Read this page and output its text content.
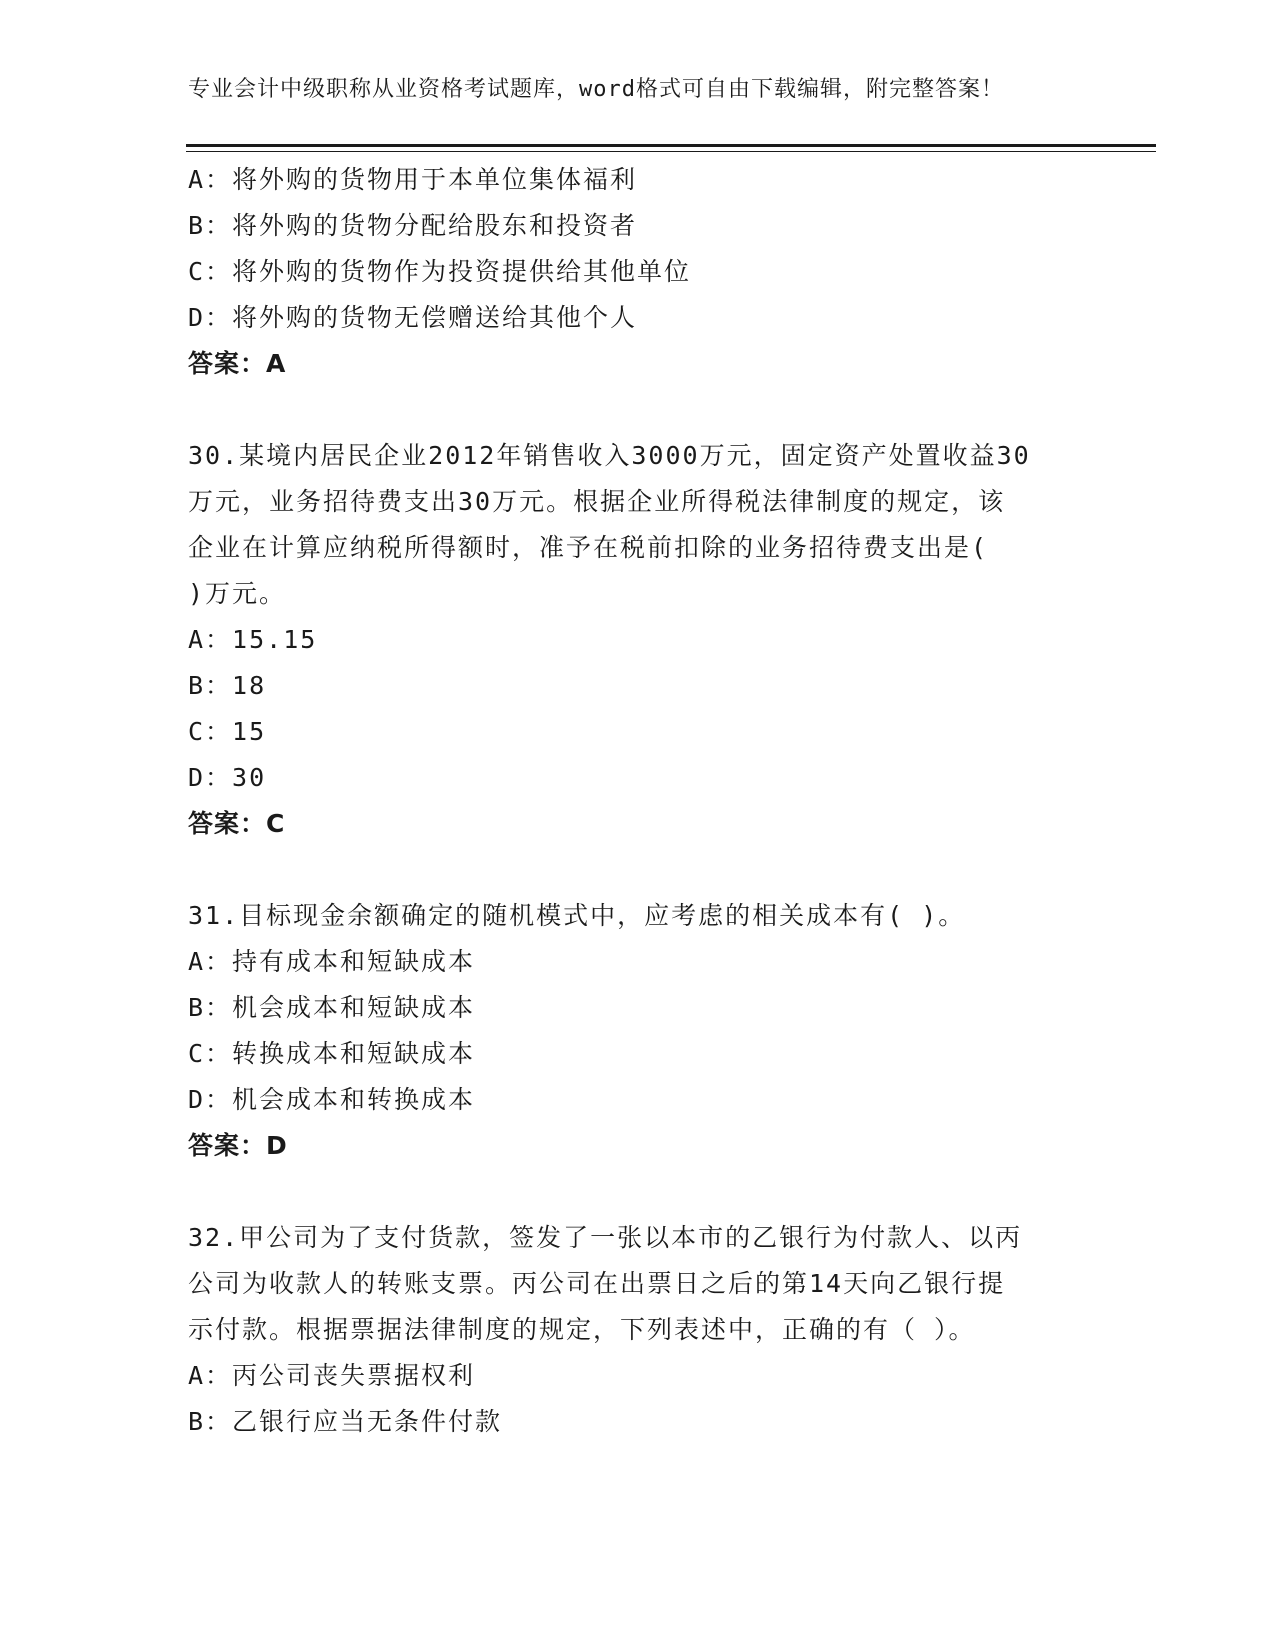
专业会计中级职称从业资格考试题库，word格式可自由下载编辑，附完整答案！
A：将外购的货物用于本单位集体福利
B：将外购的货物分配给股东和投资者
C：将外购的货物作为投资提供给其他单位
D：将外购的货物无偿赠送给其他个人
答案：A
30.某境内居民企业2012年销售收入3000万元，固定资产处置收益30
万元，业务招待费支出30万元。根据企业所得税法律制度的规定，该
企业在计算应纳税所得额时，准予在税前扣除的业务招待费支出是(
)万元。
A：15.15
B：18
C：15
D：30
答案：C
31.目标现金余额确定的随机模式中，应考虑的相关成本有( )。
A：持有成本和短缺成本
B：机会成本和短缺成本
C：转换成本和短缺成本
D：机会成本和转换成本
答案：D
32.甲公司为了支付货款，签发了一张以本市的乙银行为付款人、以丙
公司为收款人的转账支票。丙公司在出票日之后的第14天向乙银行提
示付款。根据票据法律制度的规定，下列表述中，正确的有（ ）。
A：丙公司丧失票据权利
B：乙银行应当无条件付款
